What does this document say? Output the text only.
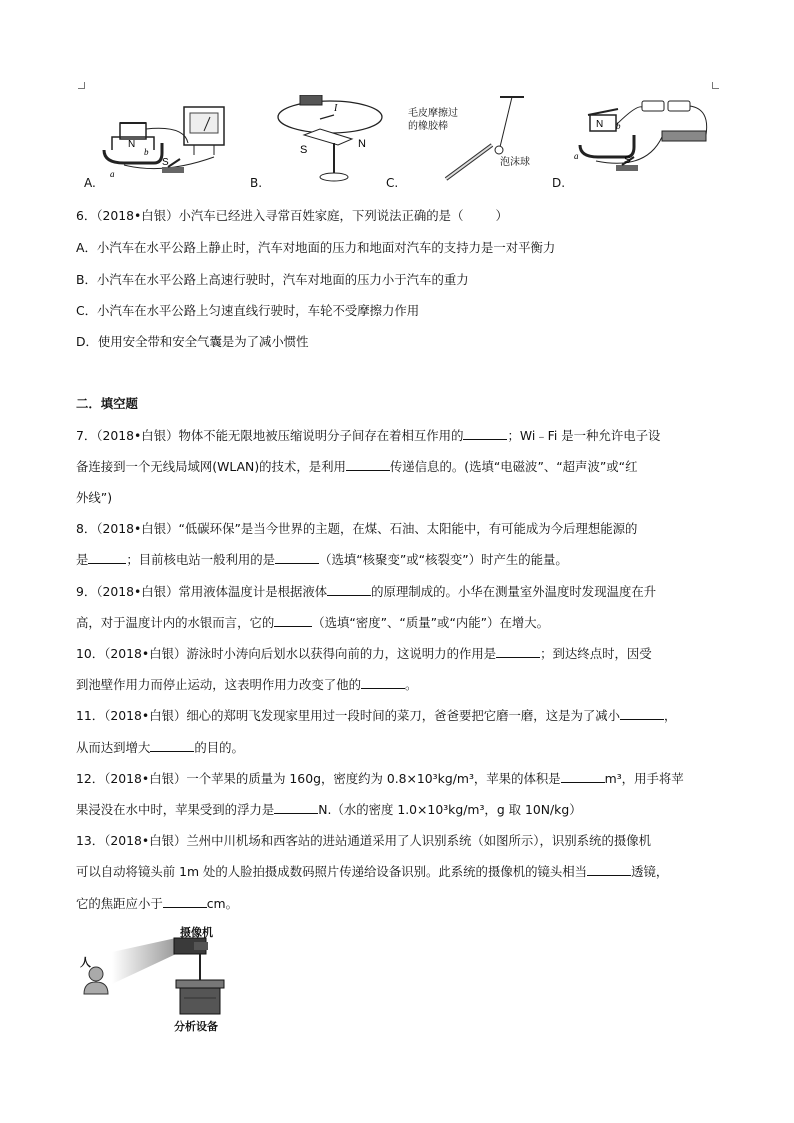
N
S
a
b
A.
S	N
I
B.
毛皮摩擦过
的橡胶棒
泡沫球
C.
N
S
a
b
D.
6．（2018•白银）小汽车已经进入寻常百姓家庭，下列说法正确的是（	）
A．小汽车在水平公路上静止时，汽车对地面的压力和地面对汽车的支持力是一对平衡力
B．小汽车在水平公路上高速行驶时，汽车对地面的压力小于汽车的重力
C．小汽车在水平公路上匀速直线行驶时，车轮不受摩擦力作用
D．使用安全带和安全气囊是为了减小惯性
二．填空题
7．（2018•白银）物体不能无限地被压缩说明分子间存在着相互作用的	；Wi﹣Fi 是一种允许电子设
备连接到一个无线局域网(WLAN)的技术，是利用	传递信息的。(选填“电磁波”、“超声波”或“红
外线”)
8．（2018•白银）“低碳环保”是当今世界的主题，在煤、石油、太阳能中，有可能成为今后理想能源的
是	；目前核电站一般利用的是	（选填“核聚变”或“核裂变”）时产生的能量。
9．（2018•白银）常用液体温度计是根据液体	的原理制成的。小华在测量室外温度时发现温度在升
高，对于温度计内的水银而言，它的	（选填“密度”、“质量”或“内能”）在增大。
10．（2018•白银）游泳时小涛向后划水以获得向前的力，这说明力的作用是	；到达终点时，因受
到池壁作用力而停止运动，这表明作用力改变了他的	。
11．（2018•白银）细心的郑明飞发现家里用过一段时间的菜刀，爸爸要把它磨一磨，这是为了减小	，
从而达到增大	的目的。
12．（2018•白银）一个苹果的质量为 160g，密度约为 0.8×10³kg/m³，苹果的体积是	m³，用手将苹
果浸没在水中时，苹果受到的浮力是	N.（水的密度 1.0×10³kg/m³，g 取 10N/kg）
13．（2018•白银）兰州中川机场和西客站的进站通道采用了人识别系统（如图所示），识别系统的摄像机
可以自动将镜头前 1m 处的人脸拍摄成数码照片传递给设备识别。此系统的摄像机的镜头相当	透镜，
它的焦距应小于	cm。
摄像机
人
分析设备
